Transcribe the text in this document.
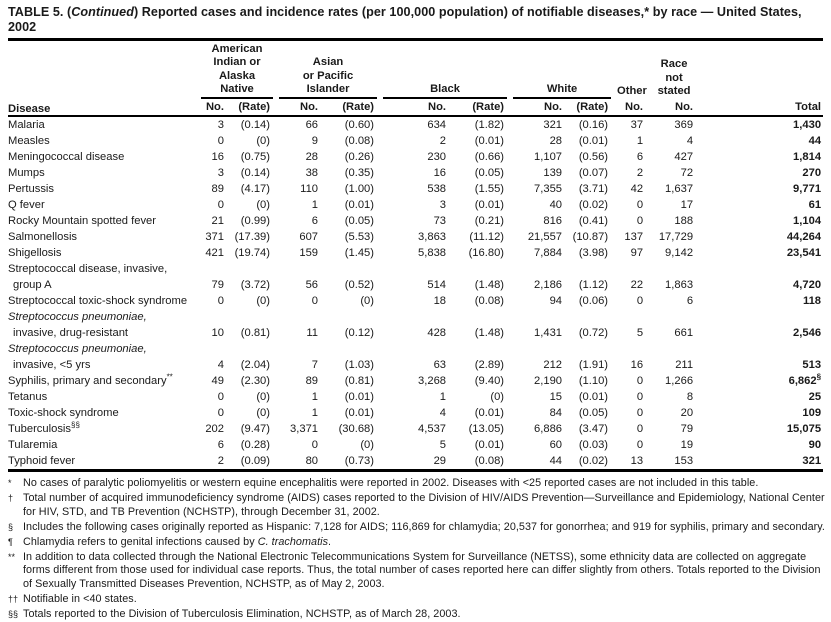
TABLE 5. (Continued) Reported cases and incidence rates (per 100,000 population) of notifiable diseases,* by race — United States, 2002
Disease	American
Indian or
Alaska Native		Asian
or Pacific
Islander		Black		White		Other	Race
not
stated	

	No.	(Rate)	No.	(Rate)	No.	(Rate)	No.	(Rate)	No.	No.	Total
Malaria	3	(0.14)	66	(0.60)	634	(1.82)	321	(0.16)	37	369	1,430
Measles	0	(0)	9	(0.08)	2	(0.01)	28	(0.01)	1	4	44
Meningococcal disease	16	(0.75)	28	(0.26)	230	(0.66)	1,107	(0.56)	6	427	1,814
Mumps	3	(0.14)	38	(0.35)	16	(0.05)	139	(0.07)	2	72	270
Pertussis	89	(4.17)	110	(1.00)	538	(1.55)	7,355	(3.71)	42	1,637	9,771
Q fever	0	(0)	1	(0.01)	3	(0.01)	40	(0.02)	0	17	61
Rocky Mountain spotted fever	21	(0.99)	6	(0.05)	73	(0.21)	816	(0.41)	0	188	1,104
Salmonellosis	371	(17.39)	607	(5.53)	3,863	(11.12)	21,557	(10.87)	137	17,729	44,264
Shigellosis	421	(19.74)	159	(1.45)	5,838	(16.80)	7,884	(3.98)	97	9,142	23,541
Streptococcal disease, invasive,											
group A	79	(3.72)	56	(0.52)	514	(1.48)	2,186	(1.12)	22	1,863	4,720
Streptococcal toxic-shock syndrome	0	(0)	0	(0)	18	(0.08)	94	(0.06)	0	6	118
Streptococcus pneumoniae,											
invasive, drug-resistant	10	(0.81)	11	(0.12)	428	(1.48)	1,431	(0.72)	5	661	2,546
Streptococcus pneumoniae,											
invasive, <5 yrs	4	(2.04)	7	(1.03)	63	(2.89)	212	(1.91)	16	211	513
Syphilis, primary and secondary**	49	(2.30)	89	(0.81)	3,268	(9.40)	2,190	(1.10)	0	1,266	6,862§
Tetanus	0	(0)	1	(0.01)	1	(0)	15	(0.01)	0	8	25
Toxic-shock syndrome	0	(0)	1	(0.01)	4	(0.01)	84	(0.05)	0	20	109
Tuberculosis§§	202	(9.47)	3,371	(30.68)	4,537	(13.05)	6,886	(3.47)	0	79	15,075
Tularemia	6	(0.28)	0	(0)	5	(0.01)	60	(0.03)	0	19	90
Typhoid fever	2	(0.09)	80	(0.73)	29	(0.08)	44	(0.02)	13	153	321
*	No cases of paralytic poliomyelitis or western equine encephalitis were reported in 2002. Diseases with <25 reported cases are not included in this table.
† Total number of acquired immunodeficiency syndrome (AIDS) cases reported to the Division of HIV/AIDS Prevention—Surveillance and Epidemiology, National Center for HIV, STD, and TB Prevention (NCHSTP), through December 31, 2002.
§ Includes the following cases originally reported as Hispanic: 7,128 for AIDS; 116,869 for chlamydia; 20,537 for gonorrhea; and 919 for syphilis, primary and secondary.
¶ Chlamydia refers to genital infections caused by C. trachomatis.
** In addition to data collected through the National Electronic Telecommunications System for Surveillance (NETSS), some ethnicity data are collected on aggregate forms different from those used for individual case reports. Thus, the total number of cases reported here can differ slightly from others. Totals reported to the Division of Sexually Transmitted Diseases Prevention, NCHSTP, as of May 2, 2003.
†† Notifiable in <40 states.
§§ Totals reported to the Division of Tuberculosis Elimination, NCHSTP, as of March 28, 2003.
